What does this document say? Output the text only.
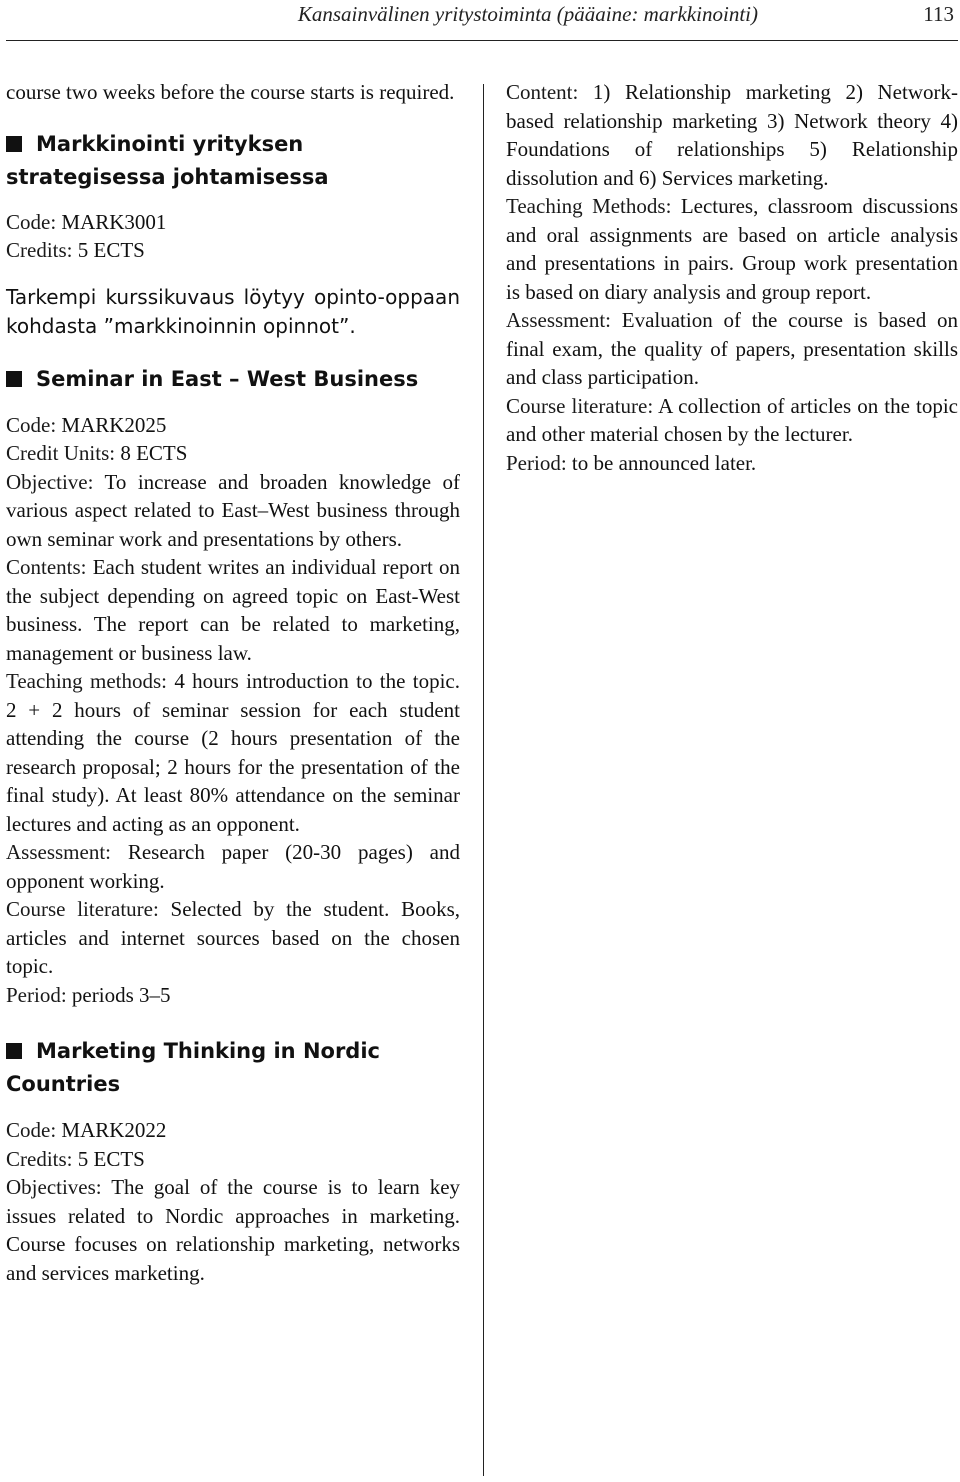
Kansainvälinen yritystoiminta (pääaine: markkinointi)	113

course two weeks before the course starts is required.

Markkinointi yrityksen strategisessa johtamisessa

Code: MARK3001

Credits: 5 ECTS

Tarkempi kurssikuvaus löytyy opinto-oppaan kohdasta ”markkinoinnin opinnot”.

Seminar in East – West Business

Code: MARK2025

Credit Units: 8 ECTS

Objective: To increase and broaden knowledge of various aspect related to East–West business through own seminar work and presentations by others.

Contents: Each student writes an individual report on the subject depending on agreed topic on East-West business. The report can be related to marketing, management or business law.

Teaching methods: 4 hours introduction to the topic. 2 + 2 hours of seminar session for each student attending the course (2 hours presentation of the research proposal; 2 hours for the presentation of the final study). At least 80% attendance on the seminar lectures and acting as an opponent.

Assessment: Research paper (20-30 pages) and opponent working.

Course literature: Selected by the student. Books, articles and internet sources based on the chosen topic.

Period: periods 3–5

Marketing Thinking in Nordic Countries

Code: MARK2022

Credits: 5 ECTS

Objectives: The goal of the course is to learn key issues related to Nordic approaches in marketing. Course focuses on relationship marketing, networks and services marketing.

Content: 1) Relationship marketing 2) Network-based relationship marketing 3) Network theory 4) Foundations of relationships 5) Relationship dissolution and 6) Services marketing.

Teaching Methods: Lectures, classroom discussions and oral assignments are based on article analysis and presentations in pairs. Group work presentation is based on diary analysis and group report.

Assessment: Evaluation of the course is based on final exam, the quality of papers, presentation skills and class participation.

Course literature: A collection of articles on the topic and other material chosen by the lecturer.

Period: to be announced later.
